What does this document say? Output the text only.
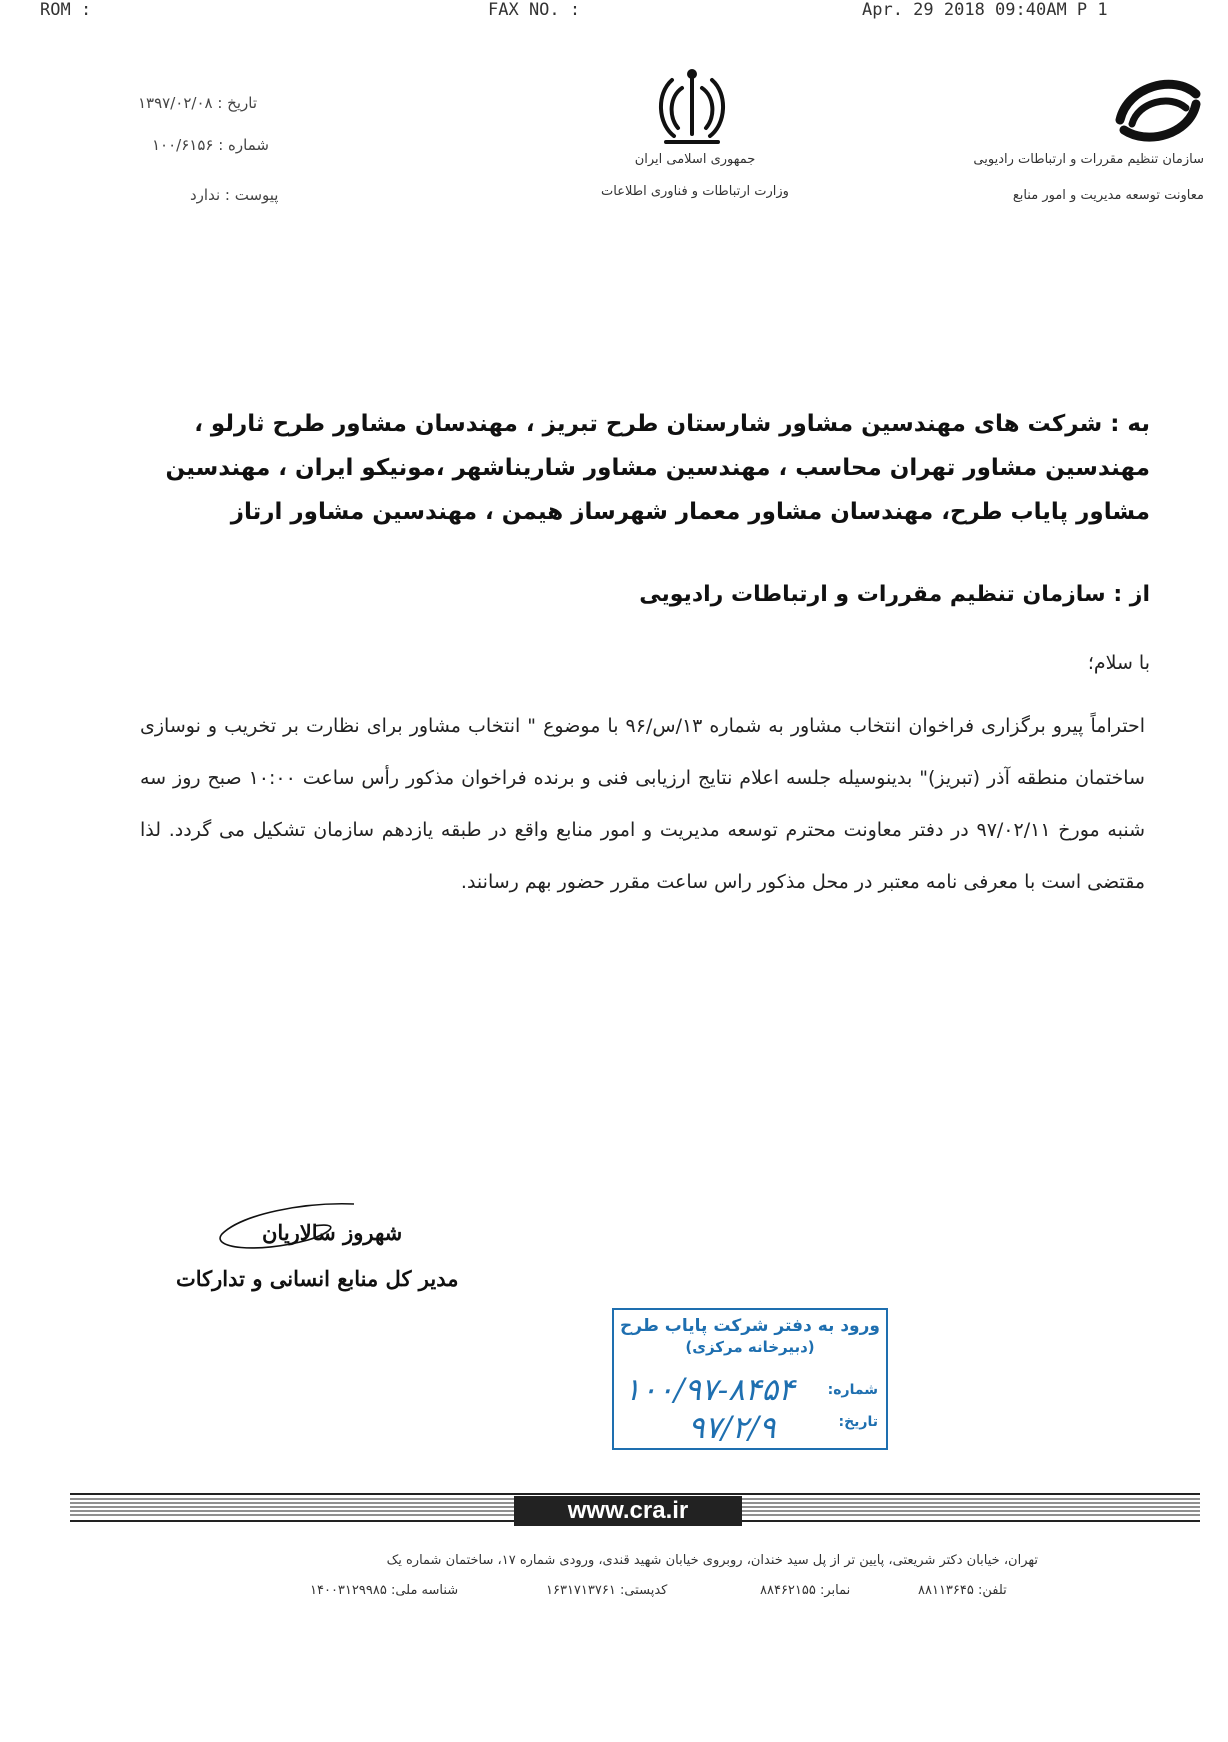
ROM :	FAX NO. :	Apr. 29 2018 09:40AM P 1
تاریخ : ۱۳۹۷/۰۲/۰۸
شماره : ۱۰۰/۶۱۵۶
پیوست : ندارد
جمهوری اسلامی ایران
وزارت ارتباطات و فناوری اطلاعات
سازمان تنظیم مقررات و ارتباطات رادیویی
معاونت توسعه مدیریت و امور منابع
به : شرکت های مهندسین مشاور شارستان طرح تبریز ، مهندسان مشاور طرح ثارلو ، مهندسین مشاور تهران محاسب ، مهندسین مشاور شاریناشهر ،مونیکو ایران ، مهندسین مشاور پایاب طرح، مهندسان مشاور معمار شهرساز هیمن ، مهندسین مشاور ارتاز
از : سازمان تنظیم مقررات و ارتباطات رادیویی
با سلام؛
احتراماً پیرو برگزاری فراخوان انتخاب مشاور به شماره ۱۳/س/۹۶ با موضوع " انتخاب مشاور برای نظارت بر تخریب و نوسازی ساختمان منطقه آذر (تبریز)" بدینوسیله جلسه اعلام نتایج ارزیابی فنی و برنده فراخوان مذکور رأس ساعت ۱۰:۰۰ صبح روز سه شنبه مورخ ۹۷/۰۲/۱۱ در دفتر معاونت محترم توسعه مدیریت و امور منابع واقع در طبقه یازدهم سازمان تشکیل می گردد. لذا مقتضی است با معرفی نامه معتبر در محل مذکور راس ساعت مقرر حضور بهم رسانند.
شهروز سالاریان
مدیر کل منابع انسانی و تدارکات
ورود به دفتر شرکت پایاب طرح
(دبیرخانه مرکزی)
شماره:
تاریخ:
۱۰۰/۹۷-۸۴۵۴
۹۷/۲/۹
www.cra.ir
تهران، خیابان دکتر شریعتی، پایین تر از پل سید خندان، روبروی خیابان شهید قندی، ورودی شماره ۱۷، ساختمان شماره یک
تلفن: ۸۸۱۱۳۶۴۵
نمابر: ۸۸۴۶۲۱۵۵
کدپستی: ۱۶۳۱۷۱۳۷۶۱
شناسه ملی: ۱۴۰۰۳۱۲۹۹۸۵
